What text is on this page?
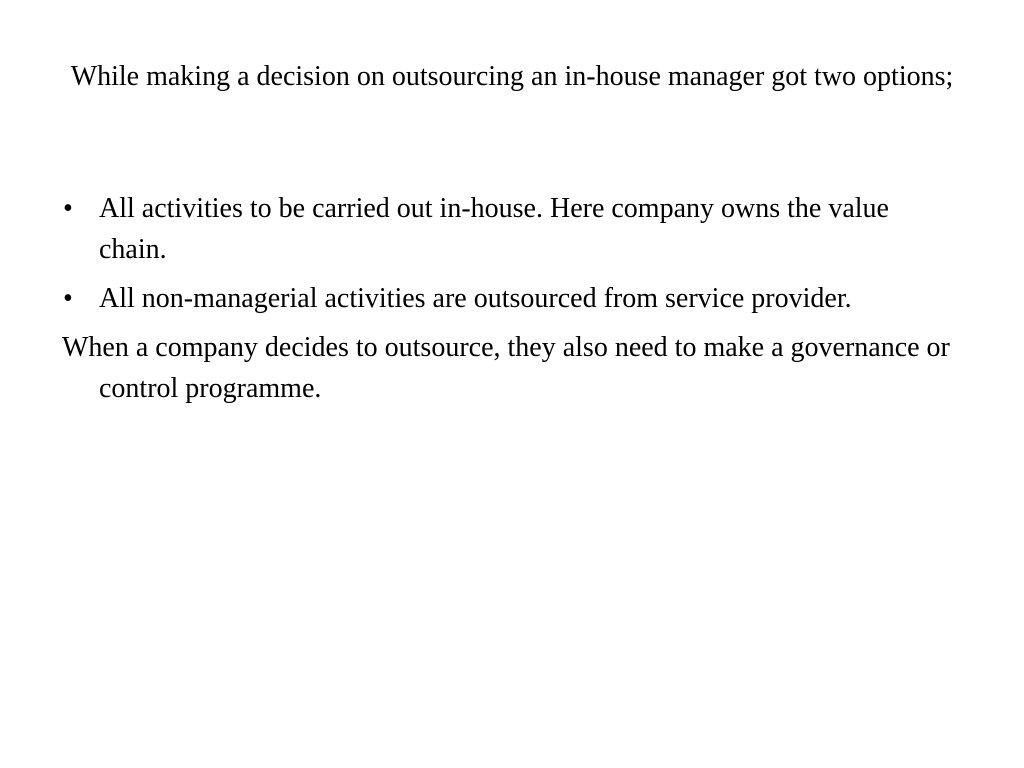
While making a decision on outsourcing an in-house manager got two options;
• All activities to be carried out in-house. Here company owns the value chain.
• All non-managerial activities are outsourced from service provider.

When a company decides to outsource, they also need to make a governance or control programme.
